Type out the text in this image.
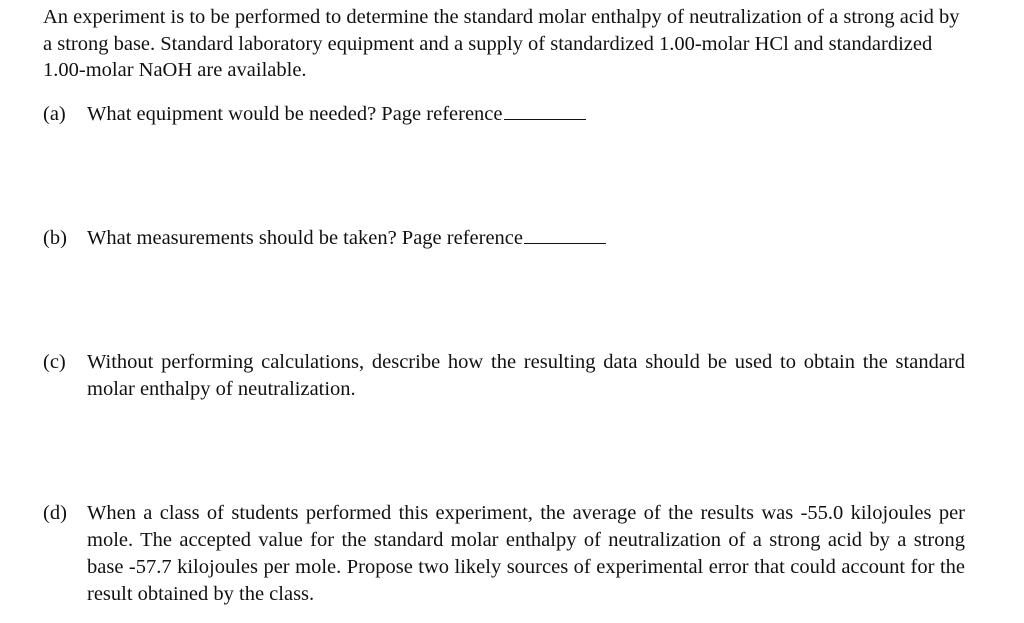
An experiment is to be performed to determine the standard molar enthalpy of neutralization of a strong acid by a strong base. Standard laboratory equipment and a supply of standardized 1.00-molar HCl and standardized 1.00-molar NaOH are available.

(a)	What equipment would be needed? Page reference
(b) What measurements should be taken? Page reference
(c)	Without performing calculations, describe how the resulting data should be used to obtain the standard molar enthalpy of neutralization.
(d) When a class of students performed this experiment, the average of the results was -55.0 kilojoules per mole. The accepted value for the standard molar enthalpy of neutralization of a strong acid by a strong base -57.7 kilojoules per mole. Propose two likely sources of experimental error that could account for the result obtained by the class.
